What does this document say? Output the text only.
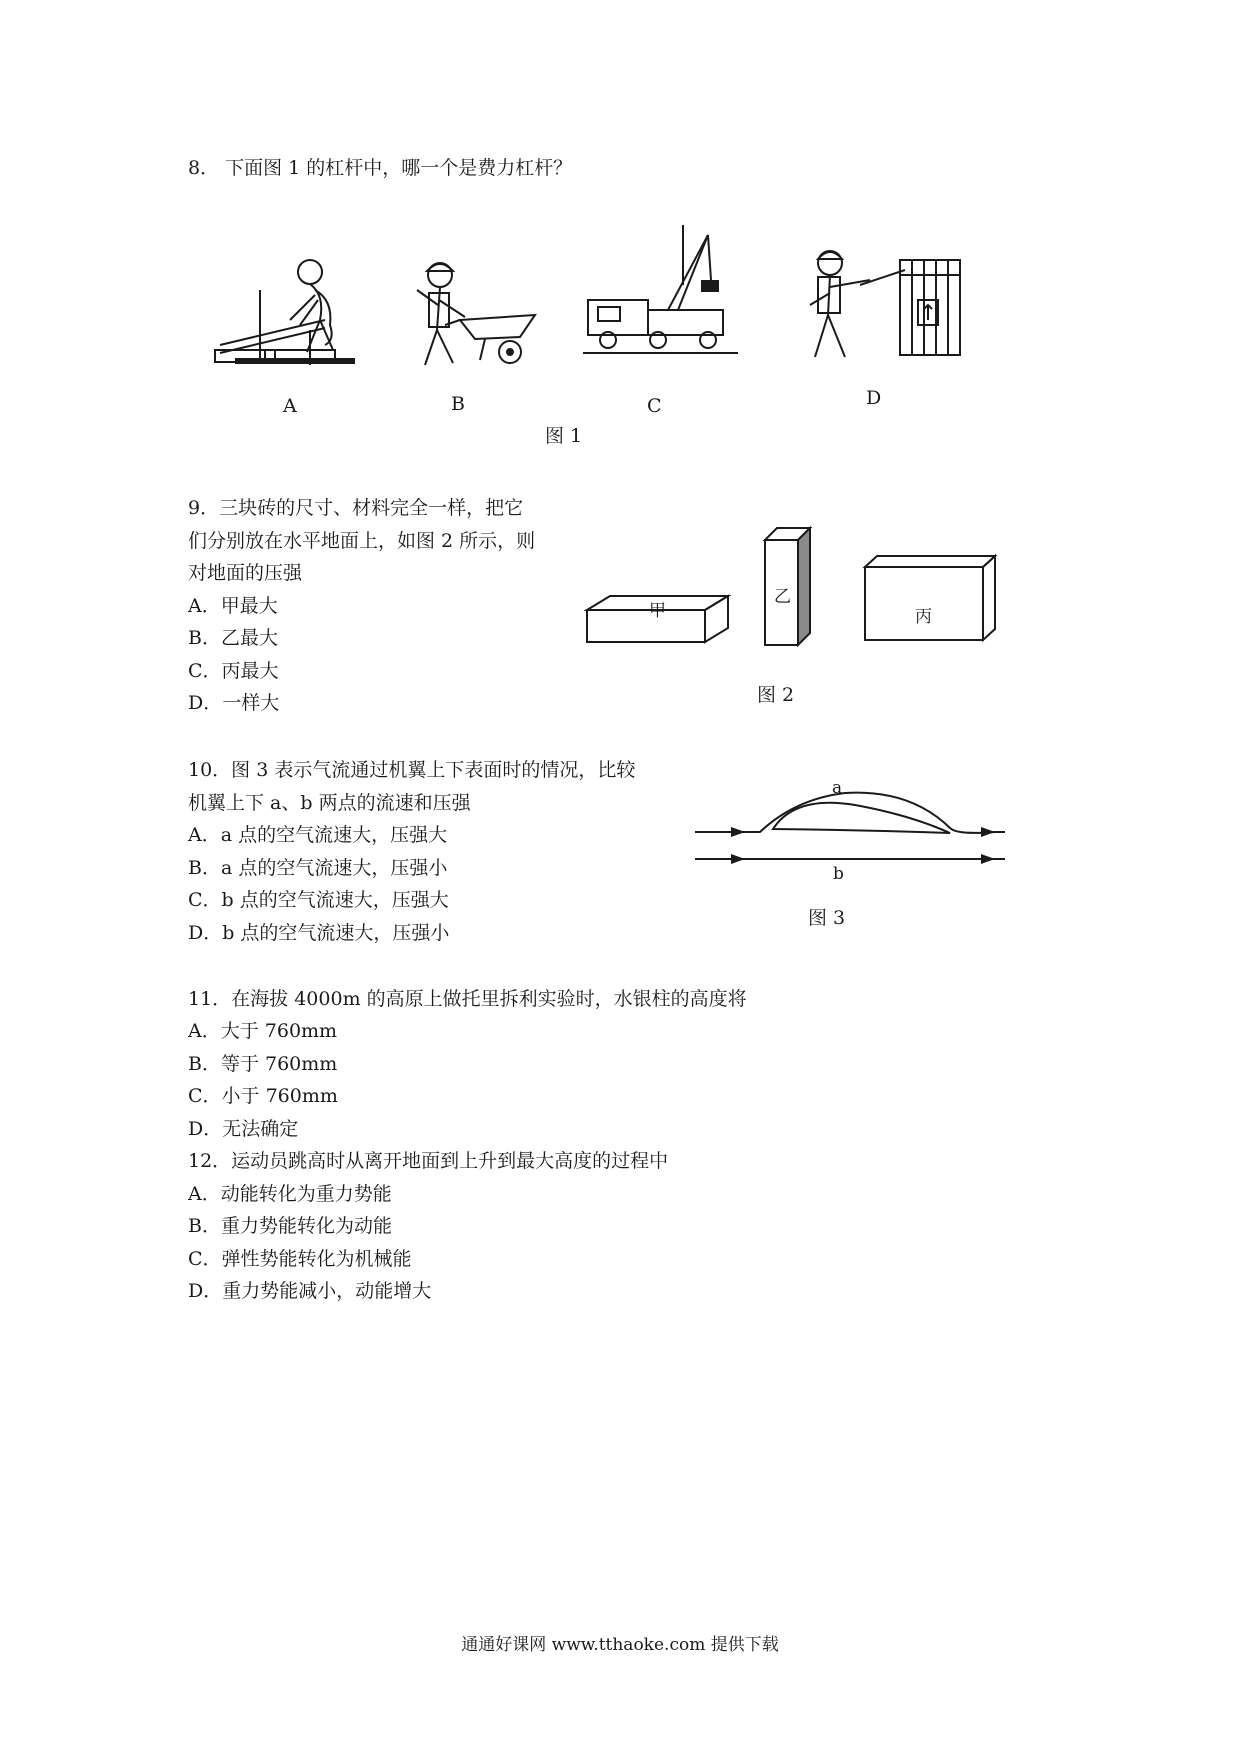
8． 下面图 1 的杠杆中，哪一个是费力杠杆？
A	B	C	D
图 1
9．三块砖的尺寸、材料完全一样，把它
们分别放在水平地面上，如图 2 所示，则
对地面的压强
A．甲最大
B．乙最大
C．丙最大
D．一样大
甲
乙
丙
图 2
10．图 3 表示气流通过机翼上下表面时的情况，比较
机翼上下 a、b 两点的流速和压强
A．a 点的空气流速大，压强大
B．a 点的空气流速大，压强小
C．b 点的空气流速大，压强大
D．b 点的空气流速大，压强小
a
b
图 3
11．在海拔 4000m 的高原上做托里拆利实验时，水银柱的高度将
A．大于 760mm
B．等于 760mm
C．小于 760mm
D．无法确定
12．运动员跳高时从离开地面到上升到最大高度的过程中
A．动能转化为重力势能
B．重力势能转化为动能
C．弹性势能转化为机械能
D．重力势能减小，动能增大
通通好课网 www.tthaoke.com 提供下载
